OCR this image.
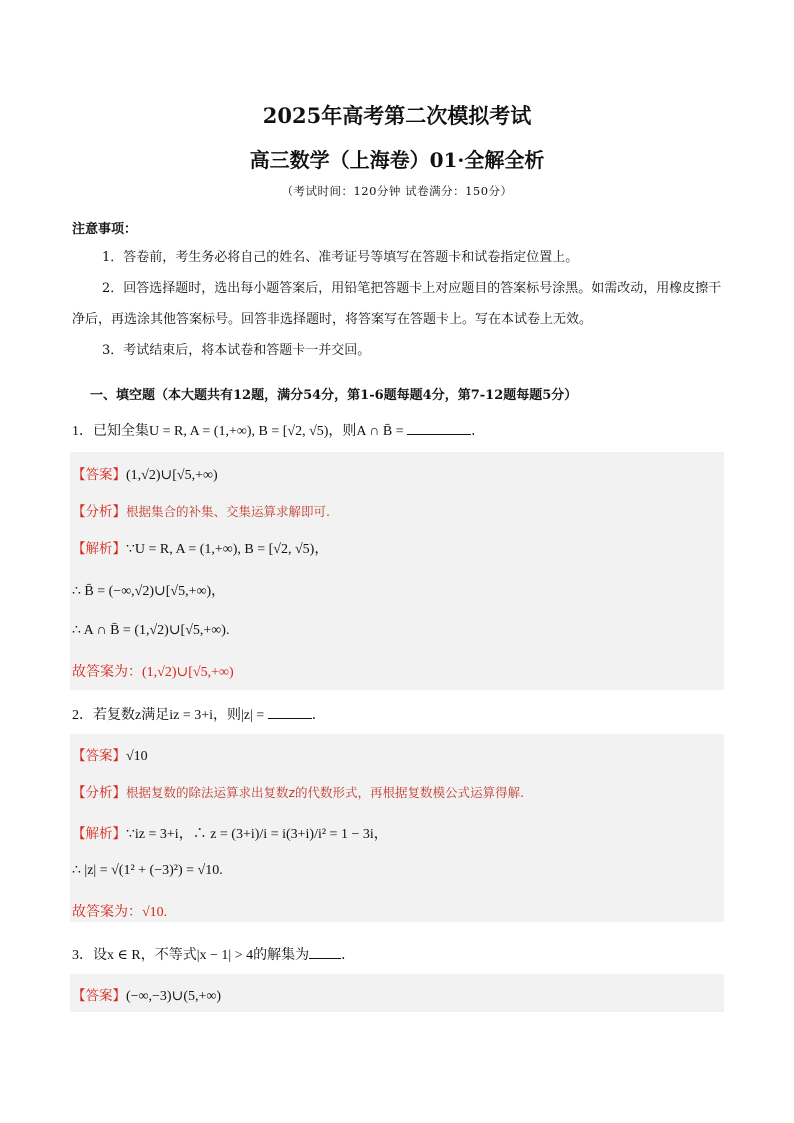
2025年高考第二次模拟考试
高三数学（上海卷）01·全解全析
（考试时间：120分钟 试卷满分：150分）
注意事项：

1．答卷前，考生务必将自己的姓名、准考证号等填写在答题卡和试卷指定位置上。

2．回答选择题时，选出每小题答案后，用铅笔把答题卡上对应题目的答案标号涂黑。如需改动，用橡皮擦干净后，再选涂其他答案标号。回答非选择题时，将答案写在答题卡上。写在本试卷上无效。

3．考试结束后，将本试卷和答题卡一并交回。

一、填空题（本大题共有12题，满分54分，第1-6题每题4分，第7-12题每题5分）
1．已知全集U = R, A = (1,+∞), B = [√2, √5)，则A ∩ B̄ =	.
【答案】(1,√2)∪[√5,+∞)
【分析】根据集合的补集、交集运算求解即可.
【解析】∵U = R, A = (1,+∞), B = [√2, √5)，
∴ B̄ = (−∞,√2)∪[√5,+∞)，
∴ A ∩ B̄ = (1,√2)∪[√5,+∞).
故答案为：(1,√2)∪[√5,+∞)
2．若复数z满足iz = 3+i，则|z| =	.
【答案】√10
【分析】根据复数的除法运算求出复数z的代数形式，再根据复数模公式运算得解.
【解析】∵iz = 3+i，∴ z = (3+i)/i = i(3+i)/i² = 1 − 3i，
∴ |z| = √(1² + (−3)²) = √10.
故答案为：√10.
3．设x ∈ R，不等式|x − 1| > 4的解集为 .
【答案】(−∞,−3)∪(5,+∞)
